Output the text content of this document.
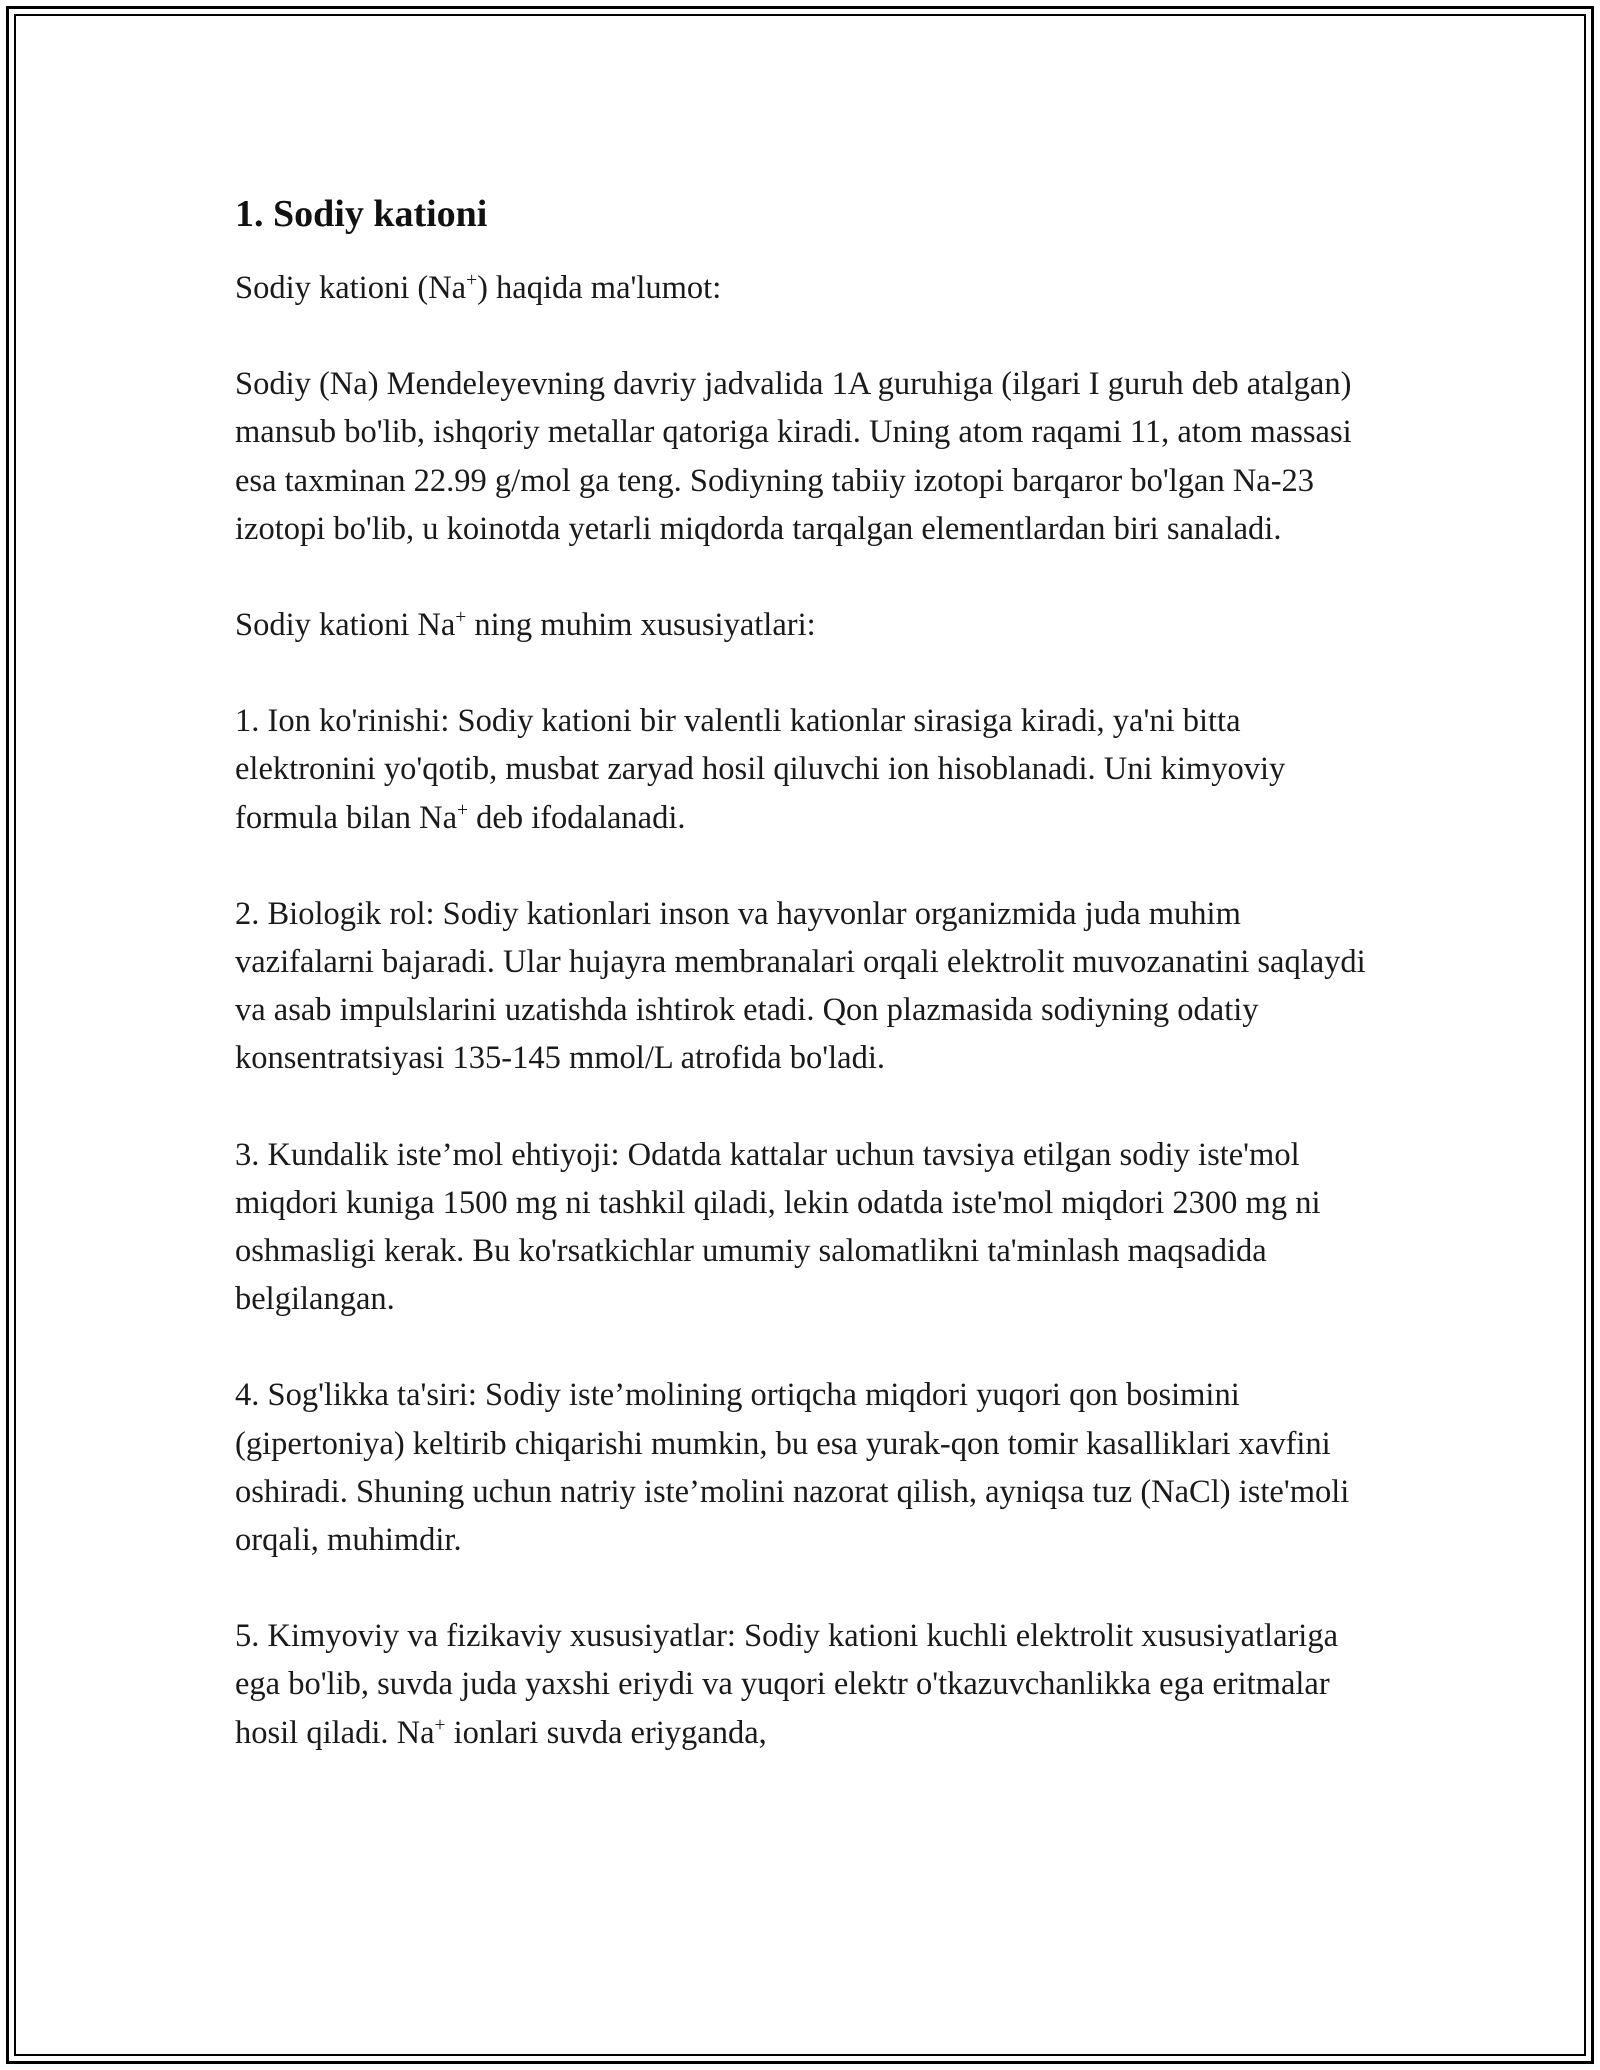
1. Sodiy kationi

Sodiy kationi (Na+) haqida ma'lumot:

Sodiy (Na) Mendeleyevning davriy jadvalida 1A guruhiga (ilgari I guruh deb atalgan) mansub bo'lib, ishqoriy metallar qatoriga kiradi. Uning atom raqami 11, atom massasi esa taxminan 22.99 g/mol ga teng. Sodiyning tabiiy izotopi barqaror bo'lgan Na-23 izotopi bo'lib, u koinotda yetarli miqdorda tarqalgan elementlardan biri sanaladi.

Sodiy kationi Na+ ning muhim xususiyatlari:

1. Ion ko'rinishi: Sodiy kationi bir valentli kationlar sirasiga kiradi, ya'ni bitta elektronini yo'qotib, musbat zaryad hosil qiluvchi ion hisoblanadi. Uni kimyoviy formula bilan Na+ deb ifodalanadi.

2. Biologik rol: Sodiy kationlari inson va hayvonlar organizmida juda muhim vazifalarni bajaradi. Ular hujayra membranalari orqali elektrolit muvozanatini saqlaydi va asab impulslarini uzatishda ishtirok etadi. Qon plazmasida sodiyning odatiy konsentratsiyasi 135-145 mmol/L atrofida bo'ladi.

3. Kundalik iste’mol ehtiyoji: Odatda kattalar uchun tavsiya etilgan sodiy iste'mol miqdori kuniga 1500 mg ni tashkil qiladi, lekin odatda iste'mol miqdori 2300 mg ni oshmasligi kerak. Bu ko'rsatkichlar umumiy salomatlikni ta'minlash maqsadida belgilangan.

4. Sog'likka ta'siri: Sodiy iste’molining ortiqcha miqdori yuqori qon bosimini (gipertoniya) keltirib chiqarishi mumkin, bu esa yurak-qon tomir kasalliklari xavfini oshiradi. Shuning uchun natriy iste’molini nazorat qilish, ayniqsa tuz (NaCl) iste'moli orqali, muhimdir.

5. Kimyoviy va fizikaviy xususiyatlar: Sodiy kationi kuchli elektrolit xususiyatlariga ega bo'lib, suvda juda yaxshi eriydi va yuqori elektr o'tkazuvchanlikka ega eritmalar hosil qiladi. Na+ ionlari suvda eriyganda,
